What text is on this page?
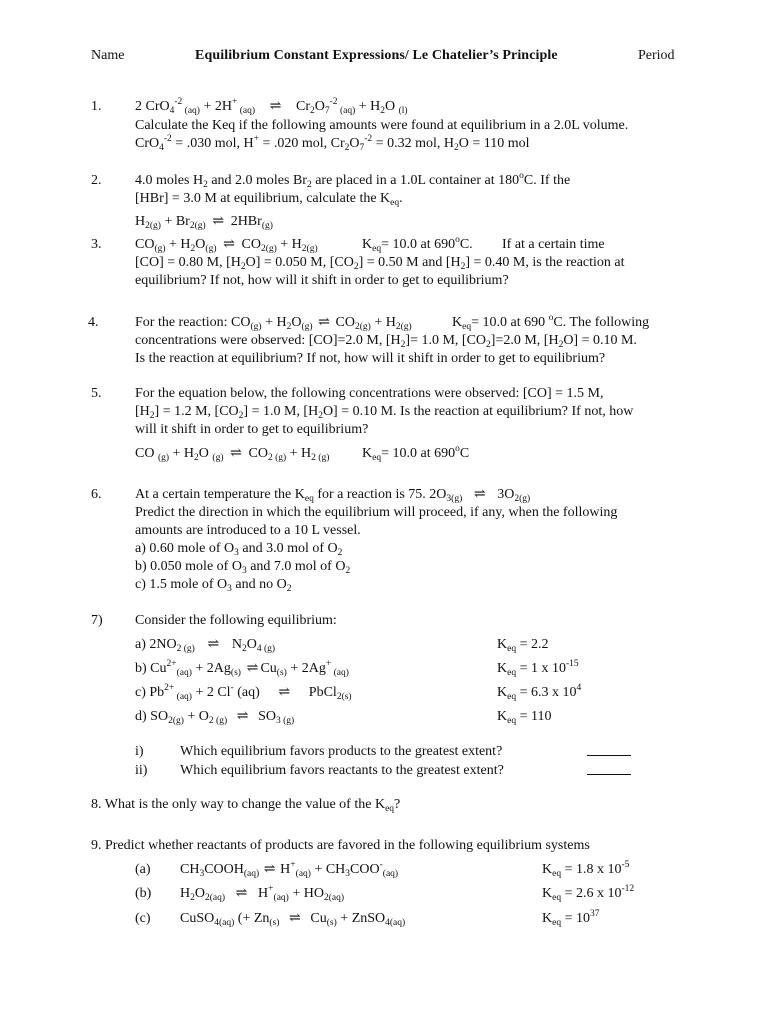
Name	Equilibrium Constant Expressions/ Le Chatelier’s Principle	Period
1. 2 CrO$_4^{-2}$ $_{(aq)}$ + 2H+ $_{(aq)}$ ⇌ $Cr_2O_7^{-2}$ $_{(aq)} + H_2O$ $_{(l)}$
Calculate the Keq if the following amounts were found at equilibrium in a 2.0L volume.
CrO$_4^{-2}$ = .030 mol, H+ = .020 mol, $Cr_2O_7^{-2} = 0.32$ mol, $H_2O = 110$ mol
2. 4.0 moles $H_2$ and 2.0 moles $Br_2$ are placed in a 1.0L container at 180$^o$C. If the
[HBr] = 3.0 M at equilibrium, calculate the $K_{eq}$.
$H_{2(g)} + Br_{2(g)}$ ⇌ 2HBr$_{(g)}$
3. $CO_{(g)} + H_2O_{(g)}$ ⇌ $CO_{2(g)} + H_{2(g)}$	$K_{eq}= 10.0$ at 690$^o$C. If at a certain time
[CO] = 0.80 M, $[H_2O] = 0.050$ M, $[CO_2] = 0.50$ M and $[H_2] = 0.40$ M, is the reaction at
equilibrium? If not, how will it shift in order to get to equilibrium?
4.	For the reaction: $CO_{(g)} + H_2O_{(g)}$ ⇌ $CO_{2(g)} + H_{2(g)}$	$K_{eq}= 10.0$ at 690 $^o$C. The following
concentrations were observed: [CO]=2.0 M, $[H_2]= 1.0$ M, $[CO_2]=2.0$ M, $[H_2O] = 0.10$ M.
Is the reaction at equilibrium? If not, how will it shift in order to get to equilibrium?
5. For the equation below, the following concentrations were observed: [CO] = 1.5 M,
$[H_2] = 1.2$ M, $[CO_2] = 1.0$ M, $[H_2O] = 0.10$ M. Is the reaction at equilibrium? If not, how
will it shift in order to get to equilibrium?
CO $_{(g)} + H_2O$ $_{(g)}$ ⇌ $CO_{2 (g)} + H_{2 (g)}$ $K_{eq}= 10.0$ at 690$^o$C
6. At a certain temperature the $K_{eq}$ for a reaction is 75. $2O_{3(g)}$ ⇌ $3O_{2(g)}$
Predict the direction in which the equilibrium will proceed, if any, when the following
amounts are introduced to a 10 L vessel.
a) 0.60 mole of $O_3$ and 3.0 mol of $O_2$
b) 0.050 mole of $O_3$ and 7.0 mol of $O_2$
c) 1.5 mole of $O_3$ and no $O_2$
7) Consider the following equilibrium:
a) $2NO_{2 (g)}$ ⇌ $N_2O_{4 (g)}$	$K_{eq} = 2.2$
b) $Cu^{2+}_{(aq)} + 2Ag_{(s)}$ ⇌ $Cu_{(s)} + 2Ag^+$ $_{(aq)}$	$K_{eq} = 1$ x $10^{-15}$
c) $Pb^{2+}$ $_{(aq)}$ + 2 Cl- (aq) ⇌ PbCl$_{2(s)}$	$K_{eq} = 6.3$ x $10^4$
d) $SO_{2(g)} + O_{2 (g)}$ ⇌ $SO_{3 (g)}$	$K_{eq} = 110$
i)	Which equilibrium favors products to the greatest extent?
ii) Which equilibrium favors reactants to the greatest extent?
8. What is the only way to change the value of the $K_{eq}$?
9. Predict whether reactants of products are favored in the following equilibrium systems
(a) $CH_3COOH_{(aq)}$ ⇌ $H^+_{(aq)} + CH_3COO^-_{(aq)}$	$K_{eq} = 1.8$ x $10^{-5}$
(b) $H_2O_{2(aq)}$ ⇌ $H^+_{(aq)} + HO_{2(aq)}$	$K_{eq} = 2.6$ x $10^{-12}$
(c) CuSO$_{4(aq)}$ (+ $Zn_{(s)}$ ⇌ $Cu_{(s)}$ + ZnSO$_{4(aq)}$	$K_{eq} = 10^{37}$
